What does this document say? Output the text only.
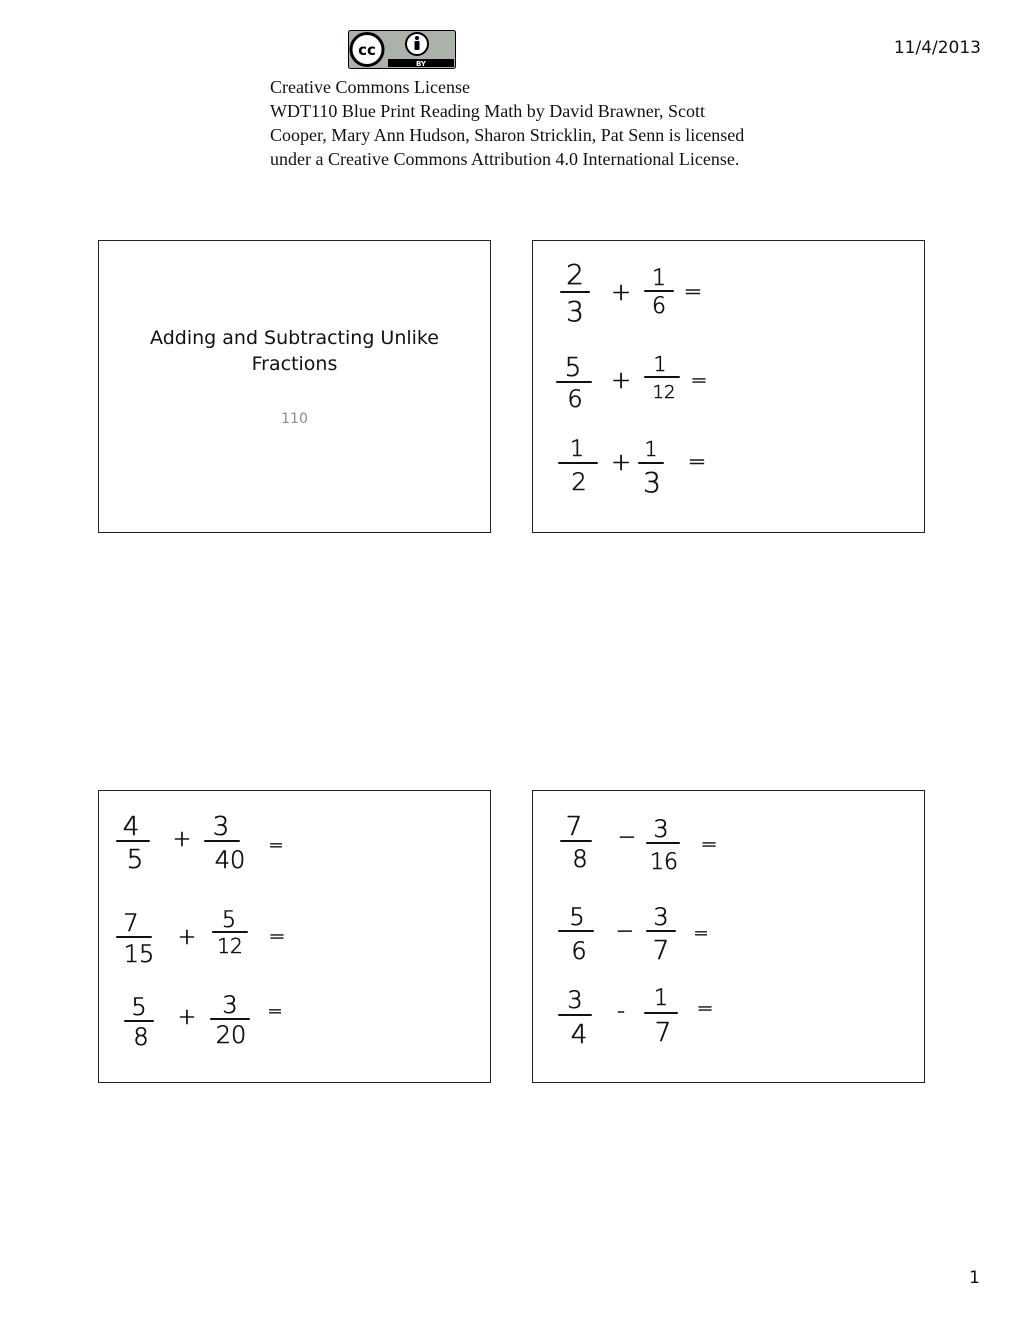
cc
BY
11/4/2013
Creative Commons License
WDT110 Blue Print Reading Math by David Brawner, Scott
Cooper, Mary Ann Hudson, Sharon Stricklin, Pat Senn is licensed
under a Creative Commons Attribution 4.0 International License.
Adding and Subtracting Unlike
Fractions
110
2
3
+ 1
6
=
5
6
+
1
12
=
1
2
+ 1
3
=
4
5
+ 3
40
=
7
15
+
5
12 =
5
8
+ 3
20
=
7
8
− 3
16
=
5
6
−
3
7
=
3
4
-
1
7
=
1
